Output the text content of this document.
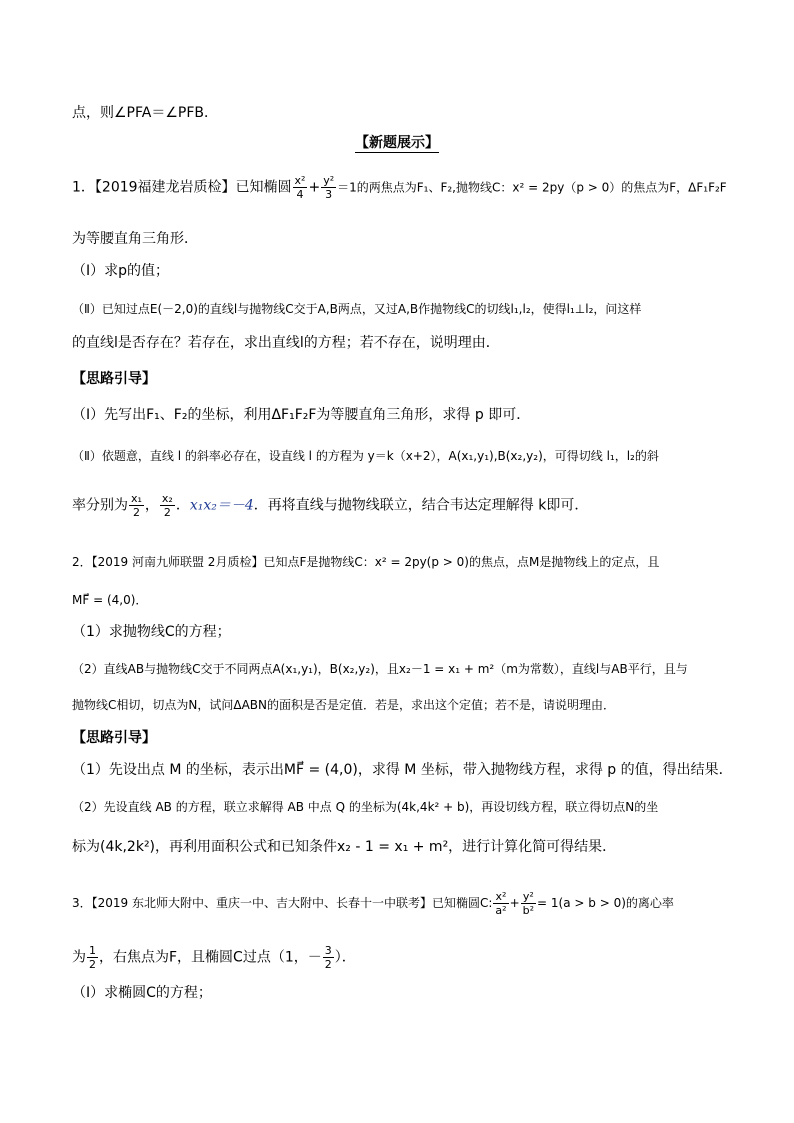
点，则∠PFA＝∠PFB．
【新题展示】
1．【2019福建龙岩质检】已知椭圆 $\frac{\text{x²}}{4} + \frac{\text{y²}}{3} =1$的两焦点为F₁、F₂,抛物线C：x² = 2py（p > 0）的焦点为F，ΔF₁F₂F
为等腰直角三角形．
（Ⅰ）求p的值；
（Ⅱ）已知过点E(－2,0)的直线l与抛物线C交于A,B两点，又过A,B作抛物线C的切线l₁,l₂，使得l₁⊥l₂，问这样
的直线l是否存在？若存在，求出直线l的方程；若不存在，说明理由．
【思路引导】
（Ⅰ）先写出F₁、F₂的坐标，利用ΔF₁F₂F为等腰直角三角形，求得 p 即可．
（Ⅱ）依题意，直线 l 的斜率必存在，设直线 l 的方程为 y＝k（x+2），A(x₁,y₁),B(x₂,y₂)，可得切线 l₁，l₂的斜
率分别为 $\frac{\text{x₁}}{2}$ ， $\frac{\text{x₂}}{2}$ ．x₁x₂＝－4．再将直线与抛物线联立，结合韦达定理解得 k即可．
2．【2019 河南九师联盟 2月质检】已知点F是抛物线C：x² = 2py(p > 0)的焦点，点M是抛物线上的定点，且
MF⃗ = (4,0)．
（1）求抛物线C的方程；
（2）直线AB与抛物线C交于不同两点A(x₁,y₁)，B(x₂,y₂)，且x₂－1 = x₁ + m²（m为常数），直线l与AB平行，且与
抛物线C相切，切点为N，试问ΔABN的面积是否是定值．若是，求出这个定值；若不是，请说明理由．
【思路引导】
（1）先设出点 M 的坐标，表示出MF⃗ = (4,0)，求得 M 坐标，带入抛物线方程，求得 p 的值，得出结果．
（2）先设直线 AB 的方程，联立求解得 AB 中点 Q 的坐标为(4k,4k² + b)，再设切线方程，联立得切点N的坐
标为(4k,2k²)，再利用面积公式和已知条件x₂ - 1 = x₁ + m²，进行计算化简可得结果．
3．【2019 东北师大附中、重庆一中、吉大附中、长春十一中联考】已知椭圆C: $\frac{\text{x²}}{\text{a²}} + \frac{\text{y²}}{\text{b²}} = 1(a > b > 0)$的离心率
为 $\frac{1}{2}$ ，右焦点为F，且椭圆C过点（1，－ $\frac{3}{2}$ ）．
（I）求椭圆C的方程；
